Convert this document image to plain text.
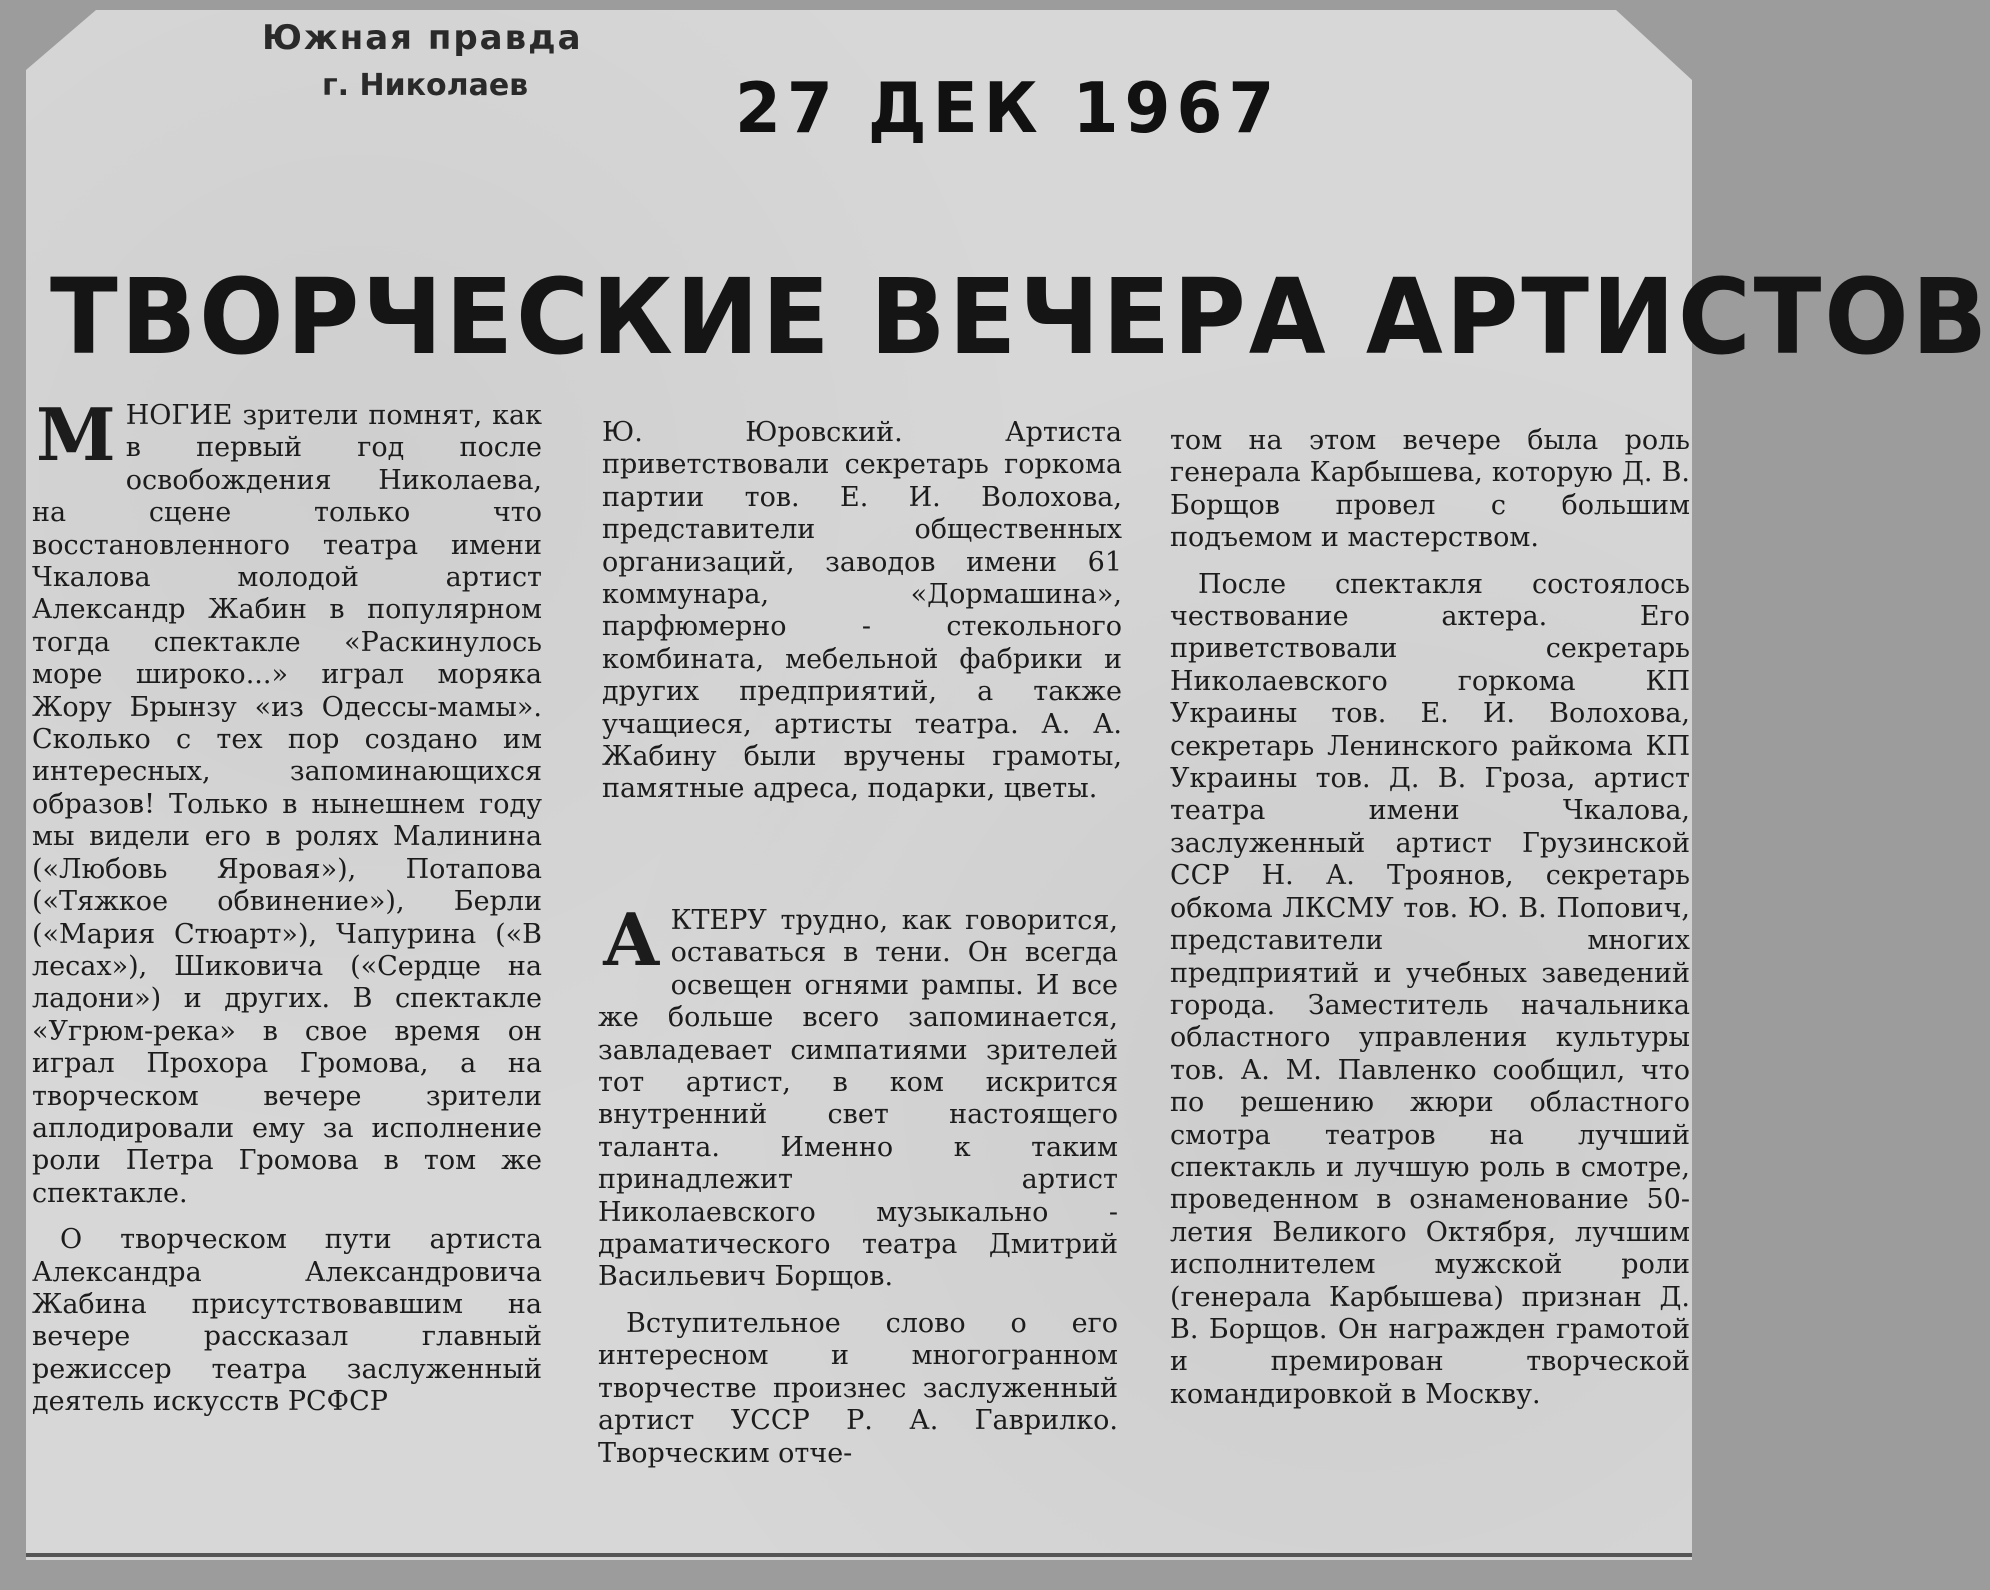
Южная правда
г. Николаев	27 ДЕК 1967
ТВОРЧЕСКИЕ ВЕЧЕРА АРТИСТОВ

МНОГИЕ зрители помнят, как в первый год после освобождения Николаева, на сцене только что восстановленного театра имени Чкалова молодой артист Александр Жабин в популярном тогда спектакле «Раскинулось море широко...» играл моряка Жору Брынзу «из Одессы-мамы». Сколько с тех пор создано им интересных, запоминающихся образов! Только в нынешнем году мы видели его в ролях Малинина («Любовь Яровая»), Потапова («Тяжкое обвинение»), Берли («Мария Стюарт»), Чапурина («В лесах»), Шиковича («Сердце на ладони») и других. В спектакле «Угрюм-река» в свое время он играл Прохора Громова, а на творческом вечере зрители аплодировали ему за исполнение роли Петра Громова в том же спектакле.

О творческом пути артиста Александра Александровича Жабина присутствовавшим на вечере рассказал главный режиссер театра заслуженный деятель искусств РСФСР

Ю. Юровский. Артиста приветствовали секретарь горкома партии тов. Е. И. Волохова, представители общественных организаций, заводов имени 61 коммунара, «Дормашина», парфюмерно - стекольного комбината, мебельной фабрики и других предприятий, а также учащиеся, артисты театра. А. А. Жабину были вручены грамоты, памятные адреса, подарки, цветы.

АКТЕРУ трудно, как говорится, оставаться в тени. Он всегда освещен огнями рампы. И все же больше всего запоминается, завладевает симпатиями зрителей тот артист, в ком искрится внутренний свет настоящего таланта. Именно к таким принадлежит артист Николаевского музыкально - драматического театра Дмитрий Васильевич Борщов.

Вступительное слово о его интересном и многогранном творчестве произнес заслуженный артист УССР Р. А. Гаврилко. Творческим отче-

том на этом вечере была роль генерала Карбышева, которую Д. В. Борщов провел с большим подъемом и мастерством.

После спектакля состоялось чествование актера. Его приветствовали секретарь Николаевского горкома КП Украины тов. Е. И. Волохова, секретарь Ленинского райкома КП Украины тов. Д. В. Гроза, артист театра имени Чкалова, заслуженный артист Грузинской ССР Н. А. Троянов, секретарь обкома ЛКСМУ тов. Ю. В. Попович, представители многих предприятий и учебных заведений города. Заместитель начальника областного управления культуры тов. А. М. Павленко сообщил, что по решению жюри областного смотра театров на лучший спектакль и лучшую роль в смотре, проведенном в ознаменование 50-летия Великого Октября, лучшим исполнителем мужской роли (генерала Карбышева) признан Д. В. Борщов. Он награжден грамотой и премирован творческой командировкой в Москву.
